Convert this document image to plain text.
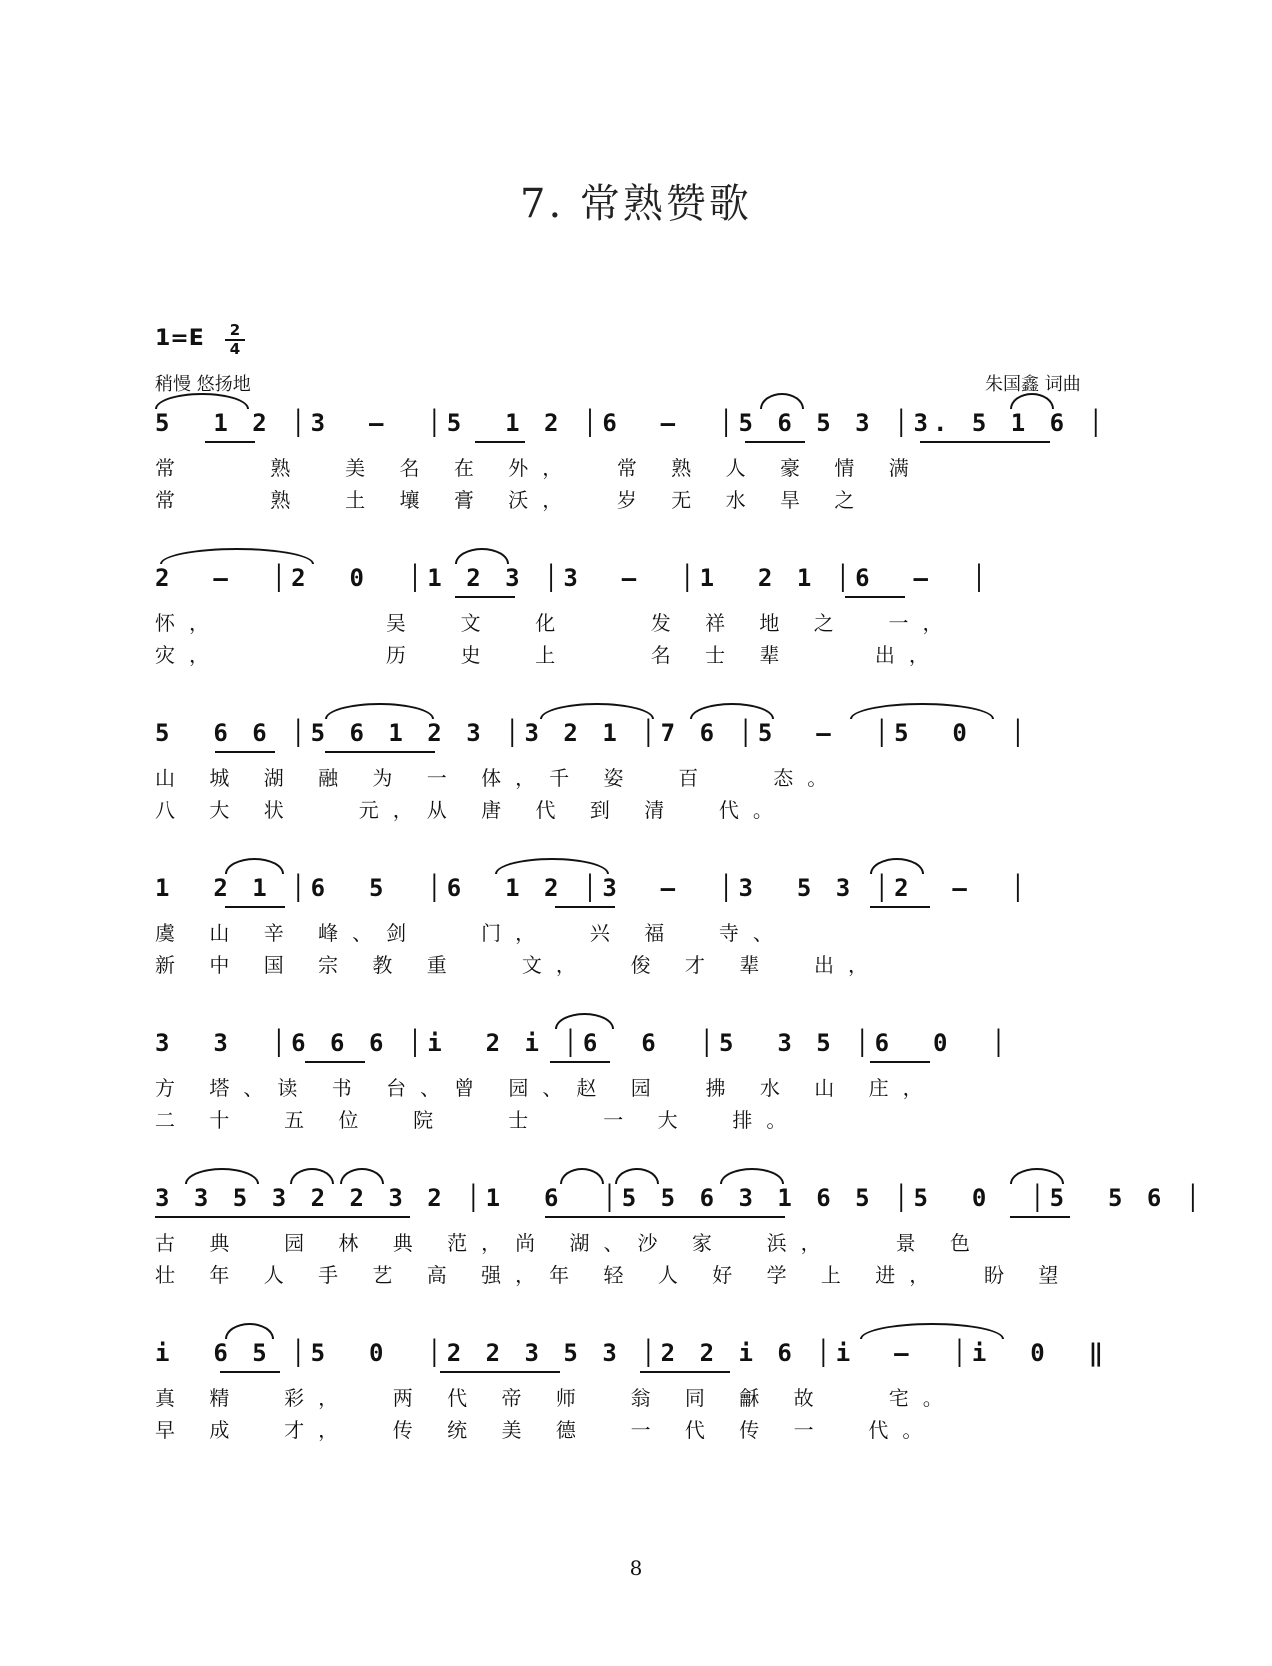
7. 常熟赞歌
$1=E \frac{2}{4}$
稍慢 悠扬地	朱国鑫 词曲
5  1 2 │3  –  │5  1 2 │6  –  │5 6 5 3 │3. 5 1 6 │
常    熟  美 名 在 外，  常 熟 人 豪 情 满
常    熟  土 壤 膏 沃，  岁 无 水 旱 之
2  –  │2  0  │1 2 3 │3  –  │1  2 1 │6  –  │
怀，        吴  文  化    发 祥 地 之  一，
灾，        历  史  上    名 士 辈    出，
5  6 6 │5 6 1 2 3 │3 2 1 │7 6 │5  –  │5  0  │
山 城 湖 融 为 一 体，千 姿  百   态。
八 大 状   元，从 唐 代 到 清  代。
1  2 1 │6  5  │6  1 2 │3  –  │3  5 3 │2  –  │
虞 山 辛 峰、剑   门，  兴 福  寺、
新 中 国 宗 教 重   文，  俊 才 辈  出，
3  3  │6 6 6 │i  2 i │6  6  │5  3 5 │6  0  │
方 塔、读 书 台、曾 园、赵 园  拂 水 山 庄，
二 十  五 位  院   士   一 大  排。
3 3 5 3 2 2 3 2 │1  6  │5 5 6 3 1 6 5 │5  0  │5  5 6 │
古 典  园 林 典 范，尚 湖、沙 家  浜，   景 色
壮 年 人 手 艺 高 强，年 轻 人 好 学 上 进，  盼 望
i  6 5 │5  0  │2 2 3 5 3 │2 2 i 6 │i  –  │i  0  ‖
真 精  彩，  两 代 帝 师  翁 同 龢 故   宅。
早 成  才，  传 统 美 德  一 代 传 一  代。
8
